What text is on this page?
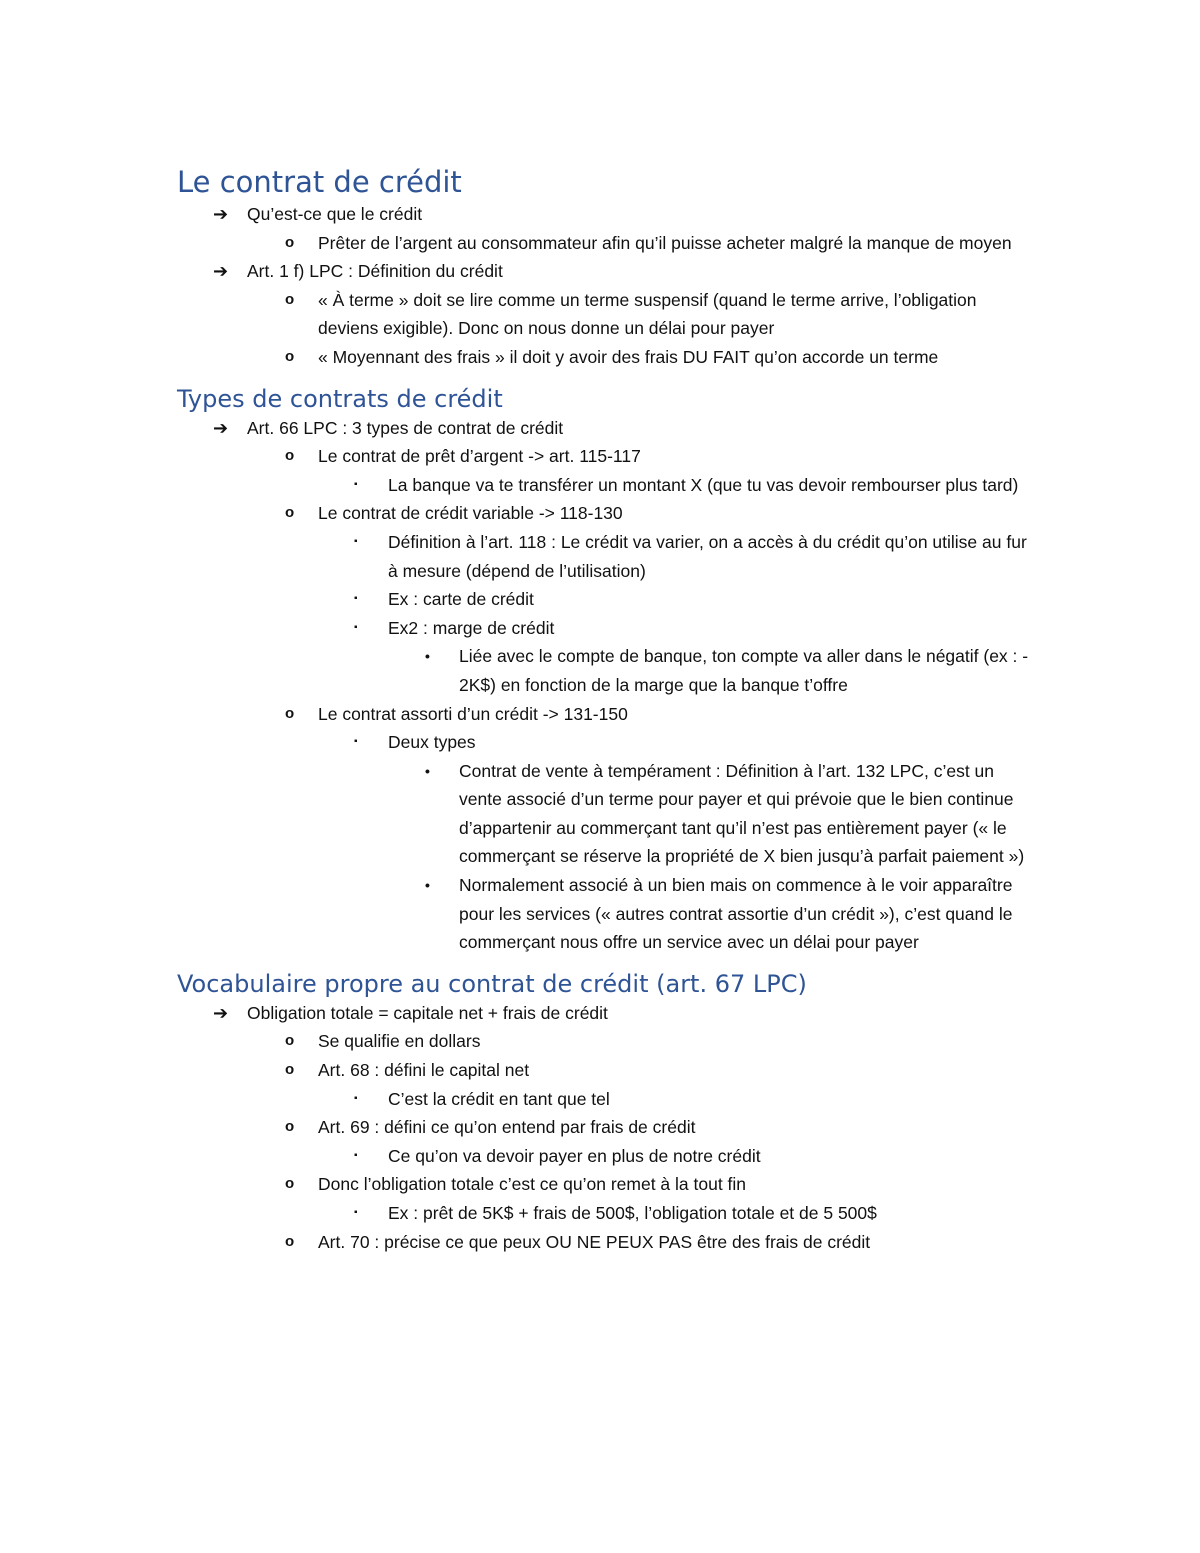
Le contrat de crédit
➔ Qu’est-ce que le crédit
o Prêter de l’argent au consommateur afin qu’il puisse acheter malgré la manque de moyen
➔ Art. 1 f) LPC : Définition du crédit
o « À terme » doit se lire comme un terme suspensif (quand le terme arrive, l’obligation deviens exigible). Donc on nous donne un délai pour payer
o « Moyennant des frais » il doit y avoir des frais DU FAIT qu’on accorde un terme
Types de contrats de crédit
➔ Art. 66 LPC : 3 types de contrat de crédit
o Le contrat de prêt d’argent -> art. 115-117
▪ La banque va te transférer un montant X (que tu vas devoir rembourser plus tard)
o Le contrat de crédit variable -> 118-130
▪ Définition à l’art. 118 : Le crédit va varier, on a accès à du crédit qu’on utilise au fur à mesure (dépend de l’utilisation)
▪ Ex : carte de crédit
▪ Ex2 : marge de crédit
• Liée avec le compte de banque, ton compte va aller dans le négatif (ex : - 2K$) en fonction de la marge que la banque t’offre
o Le contrat assorti d’un crédit -> 131-150
▪ Deux types
• Contrat de vente à tempérament : Définition à l’art. 132 LPC, c’est un vente associé d’un terme pour payer et qui prévoie que le bien continue d’appartenir au commerçant tant qu’il n’est pas entièrement payer (« le commerçant se réserve la propriété de X bien jusqu’à parfait paiement »)
• Normalement associé à un bien mais on commence à le voir apparaître pour les services (« autres contrat assortie d’un crédit »), c’est quand le commerçant nous offre un service avec un délai pour payer
Vocabulaire propre au contrat de crédit (art. 67 LPC)
➔ Obligation totale = capitale net + frais de crédit
o Se qualifie en dollars
o Art. 68 : défini le capital net
▪ C’est la crédit en tant que tel
o Art. 69 : défini ce qu’on entend par frais de crédit
▪ Ce qu’on va devoir payer en plus de notre crédit
o Donc l’obligation totale c’est ce qu’on remet à la tout fin
▪ Ex : prêt de 5K$ + frais de 500$, l’obligation totale et de 5 500$
o Art. 70 : précise ce que peux OU NE PEUX PAS être des frais de crédit
